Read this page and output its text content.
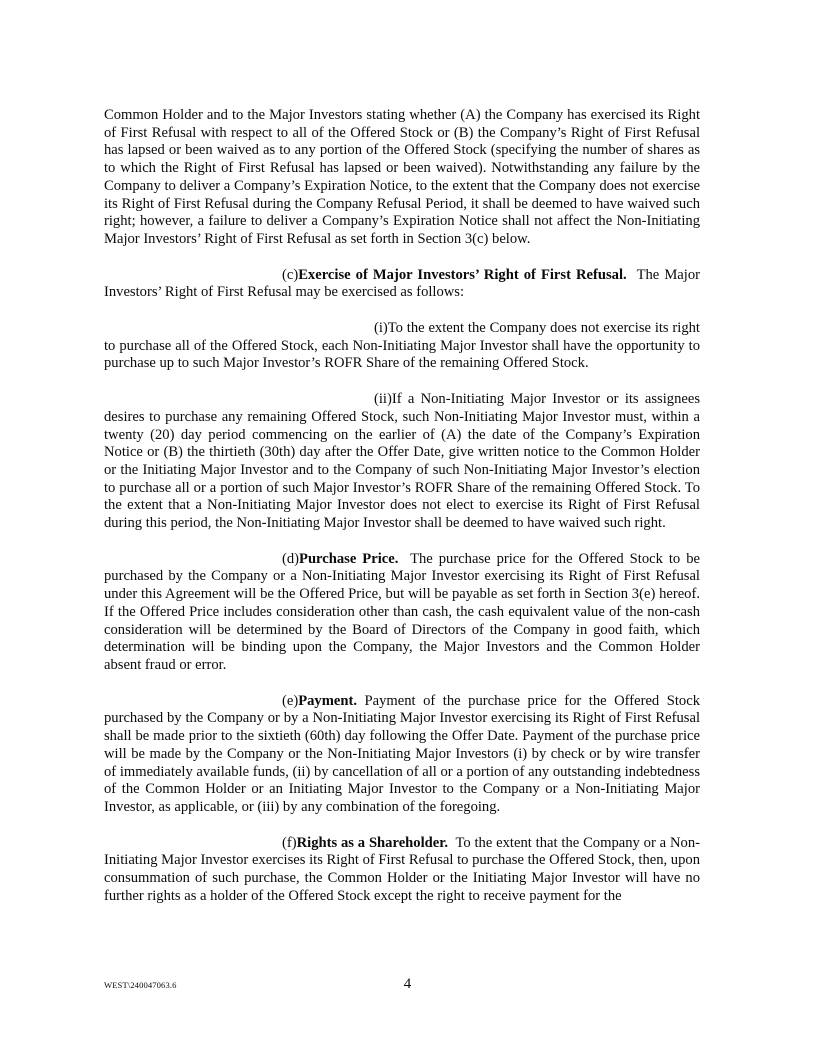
Common Holder and to the Major Investors stating whether (A) the Company has exercised its Right of First Refusal with respect to all of the Offered Stock or (B) the Company’s Right of First Refusal has lapsed or been waived as to any portion of the Offered Stock (specifying the number of shares as to which the Right of First Refusal has lapsed or been waived). Notwithstanding any failure by the Company to deliver a Company’s Expiration Notice, to the extent that the Company does not exercise its Right of First Refusal during the Company Refusal Period, it shall be deemed to have waived such right; however, a failure to deliver a Company’s Expiration Notice shall not affect the Non-Initiating Major Investors’ Right of First Refusal as set forth in Section 3(c) below.

(c)Exercise of Major Investors’ Right of First Refusal. The Major Investors’ Right of First Refusal may be exercised as follows:

(i)To the extent the Company does not exercise its right to purchase all of the Offered Stock, each Non-Initiating Major Investor shall have the opportunity to purchase up to such Major Investor’s ROFR Share of the remaining Offered Stock.

(ii)If a Non-Initiating Major Investor or its assignees desires to purchase any remaining Offered Stock, such Non-Initiating Major Investor must, within a twenty (20) day period commencing on the earlier of (A) the date of the Company’s Expiration Notice or (B) the thirtieth (30th) day after the Offer Date, give written notice to the Common Holder or the Initiating Major Investor and to the Company of such Non-Initiating Major Investor’s election to purchase all or a portion of such Major Investor’s ROFR Share of the remaining Offered Stock. To the extent that a Non-Initiating Major Investor does not elect to exercise its Right of First Refusal during this period, the Non-Initiating Major Investor shall be deemed to have waived such right.

(d)Purchase Price. The purchase price for the Offered Stock to be purchased by the Company or a Non-Initiating Major Investor exercising its Right of First Refusal under this Agreement will be the Offered Price, but will be payable as set forth in Section 3(e) hereof. If the Offered Price includes consideration other than cash, the cash equivalent value of the non-cash consideration will be determined by the Board of Directors of the Company in good faith, which determination will be binding upon the Company, the Major Investors and the Common Holder absent fraud or error.

(e)Payment. Payment of the purchase price for the Offered Stock purchased by the Company or by a Non-Initiating Major Investor exercising its Right of First Refusal shall be made prior to the sixtieth (60th) day following the Offer Date. Payment of the purchase price will be made by the Company or the Non-Initiating Major Investors (i) by check or by wire transfer of immediately available funds, (ii) by cancellation of all or a portion of any outstanding indebtedness of the Common Holder or an Initiating Major Investor to the Company or a Non-Initiating Major Investor, as applicable, or (iii) by any combination of the foregoing.

(f)Rights as a Shareholder. To the extent that the Company or a Non-Initiating Major Investor exercises its Right of First Refusal to purchase the Offered Stock, then, upon consummation of such purchase, the Common Holder or the Initiating Major Investor will have no further rights as a holder of the Offered Stock except the right to receive payment for the

WEST\240047063.6	4
